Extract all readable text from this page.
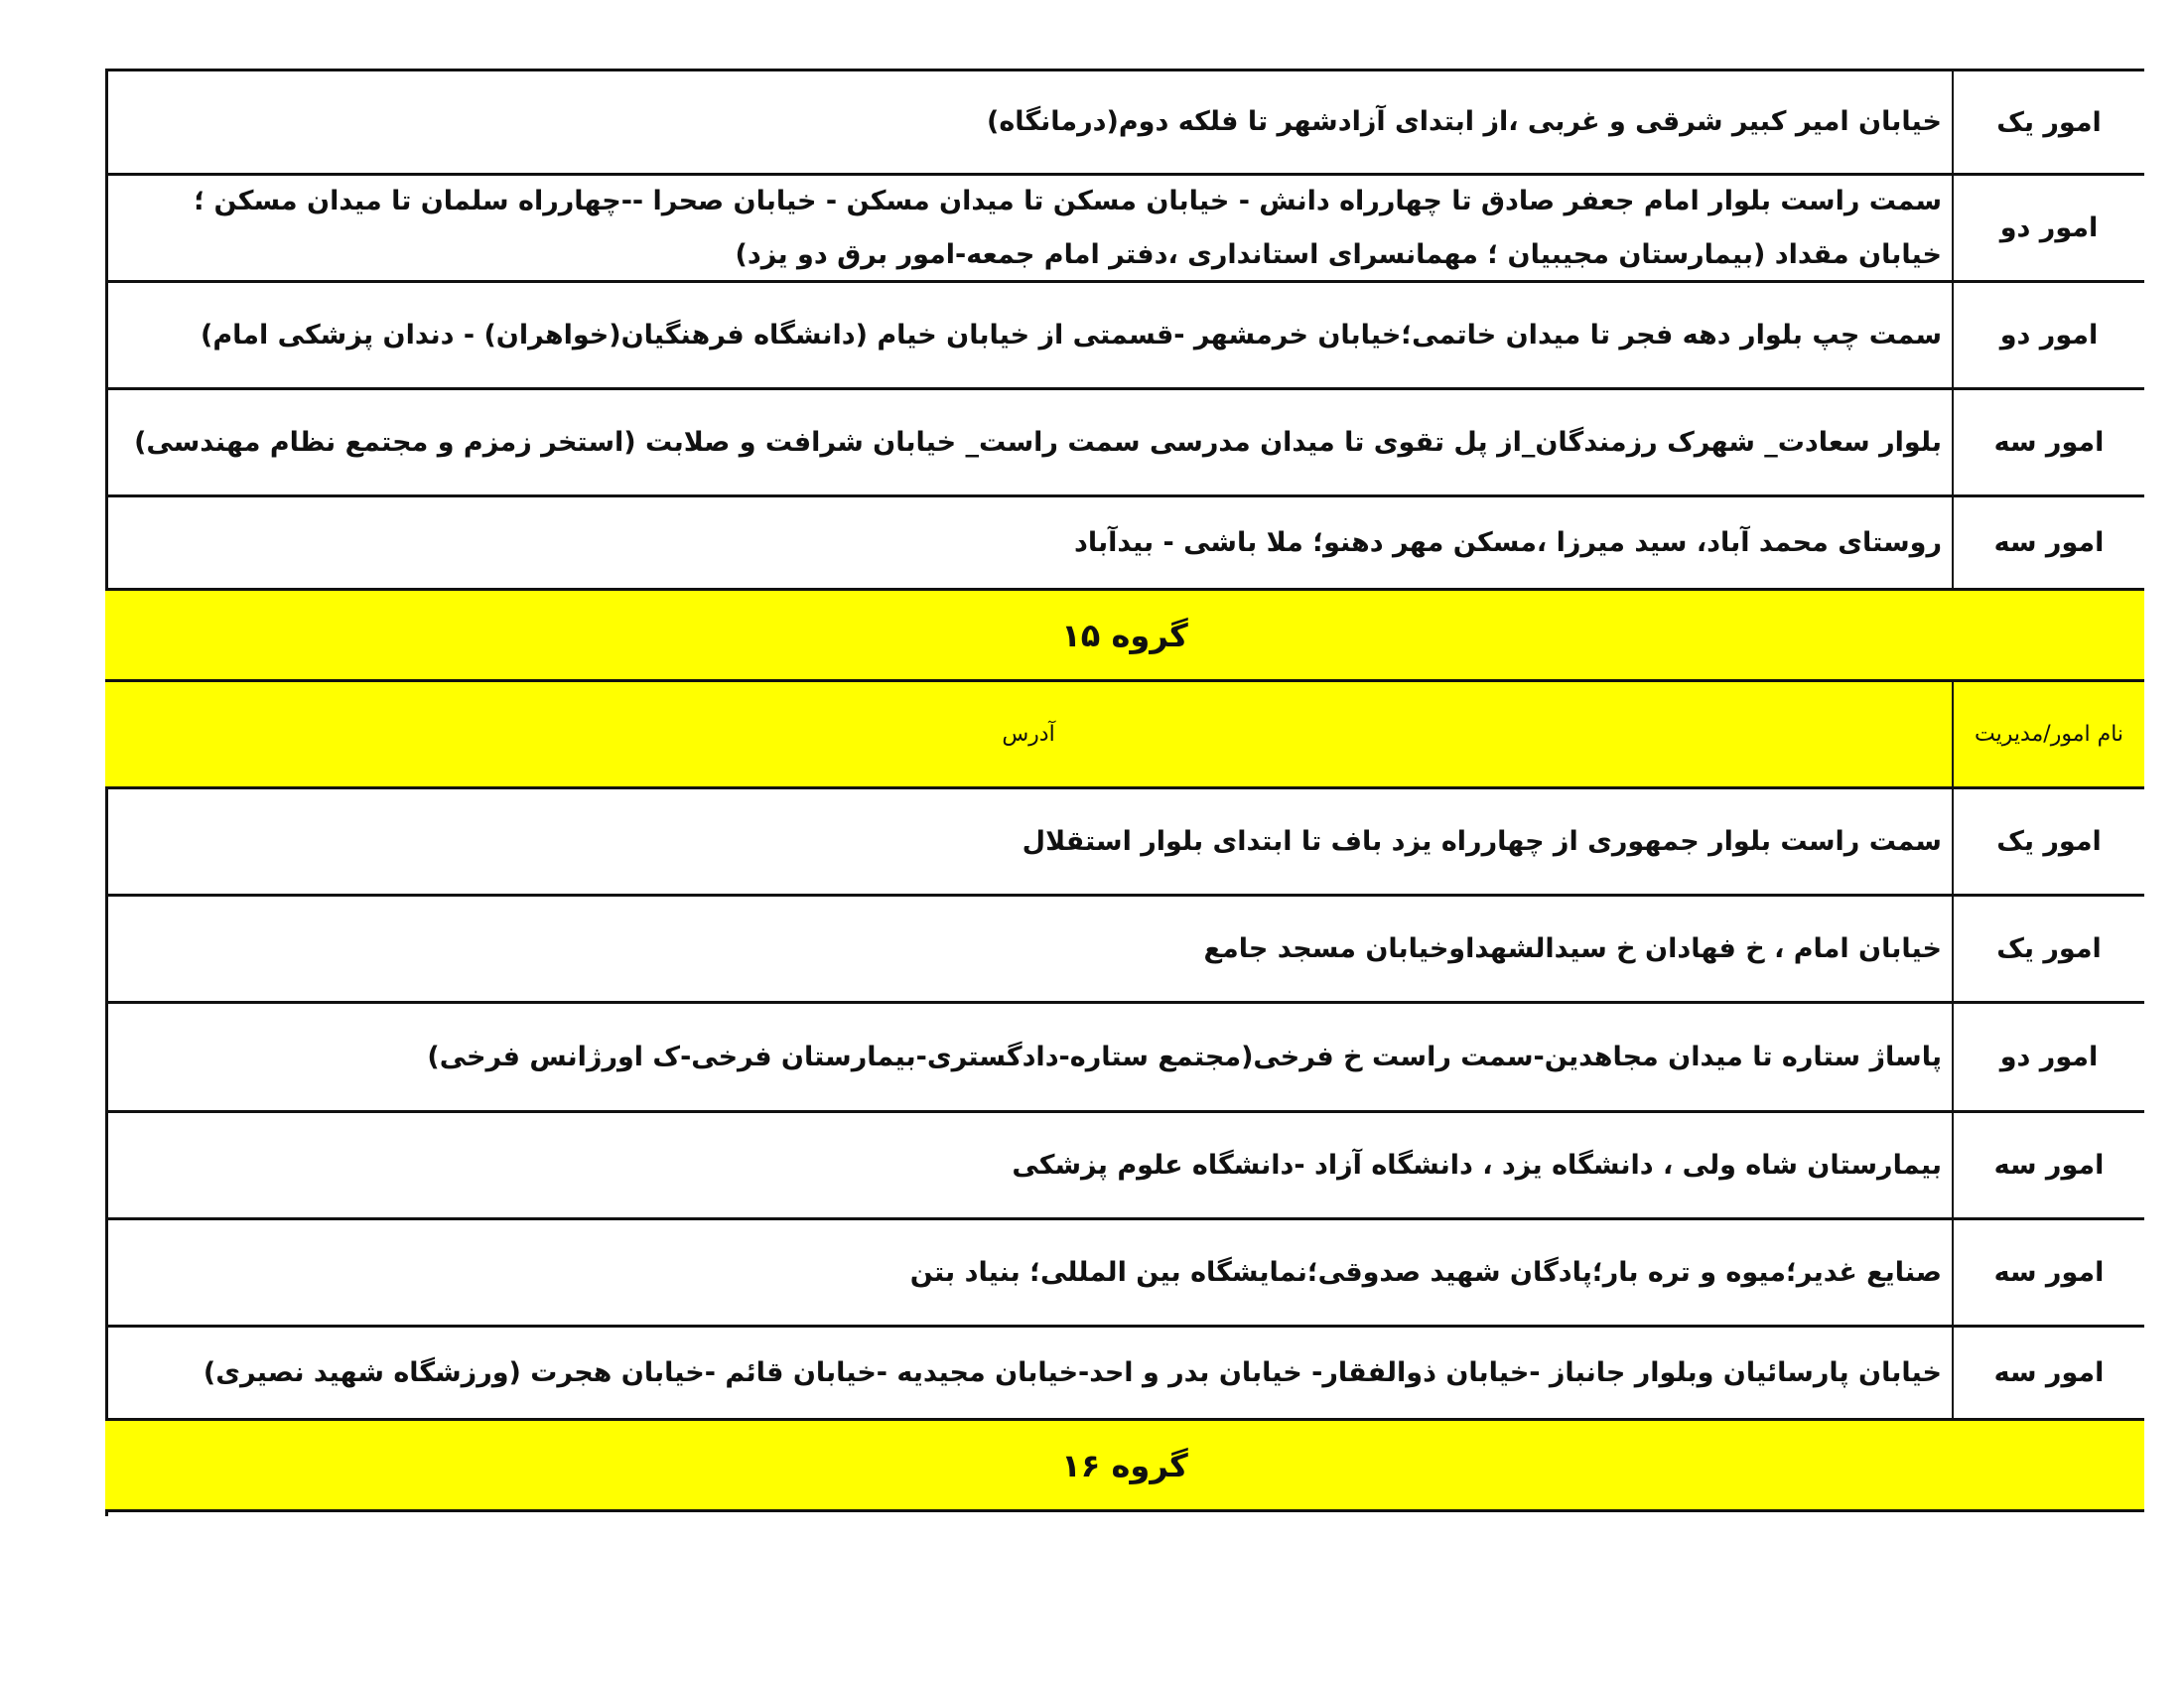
امور یک
خیابان امیر کبیر شرقی و غربی ،از ابتدای آزادشهر تا فلکه دوم(درمانگاه)
امور دو
سمت راست بلوار امام جعفر صادق تا چهارراه دانش - خیابان مسکن تا میدان مسکن - خیابان صحرا --چهارراه سلمان تا میدان مسکن ؛ خیابان مقداد (بیمارستان مجیبیان ؛ مهمانسرای استانداری ،دفتر امام جمعه-امور برق دو یزد)
امور دو
سمت چپ بلوار دهه فجر تا میدان خاتمی؛خیابان خرمشهر -قسمتی از خیابان خیام (دانشگاه فرهنگیان(خواهران) - دندان پزشکی امام)
امور سه
بلوار سعادت_ شهرک رزمندگان_از پل تقوی تا میدان مدرسی سمت راست_ خیابان شرافت و صلابت (استخر زمزم و مجتمع نظام مهندسی)
امور سه
روستای محمد آباد، سید میرزا ،مسکن مهر دهنو؛ ملا باشی - بیدآباد
گروه ۱۵
نام امور/مدیریت
آدرس
امور یک
سمت راست بلوار جمهوری از چهارراه یزد باف تا ابتدای بلوار استقلال
امور یک
خیابان امام ، خ فهادان خ سیدالشهداوخیابان مسجد جامع
امور دو
پاساژ ستاره تا میدان مجاهدین-سمت راست خ فرخی(مجتمع ستاره-دادگستری-بیمارستان فرخی-ک اورژانس فرخی)
امور سه
بیمارستان شاه ولی ، دانشگاه یزد ، دانشگاه آزاد -دانشگاه علوم پزشکی
امور سه
صنایع غدیر؛میوه و تره بار؛پادگان شهید صدوقی؛نمایشگاه بین المللی؛ بنیاد بتن
امور سه
خیابان پارسائیان وبلوار جانباز -خیابان ذوالفقار- خیابان بدر و احد-خیابان مجیدیه -خیابان قائم -خیابان هجرت (ورزشگاه شهید نصیری)
گروه ۱۶
